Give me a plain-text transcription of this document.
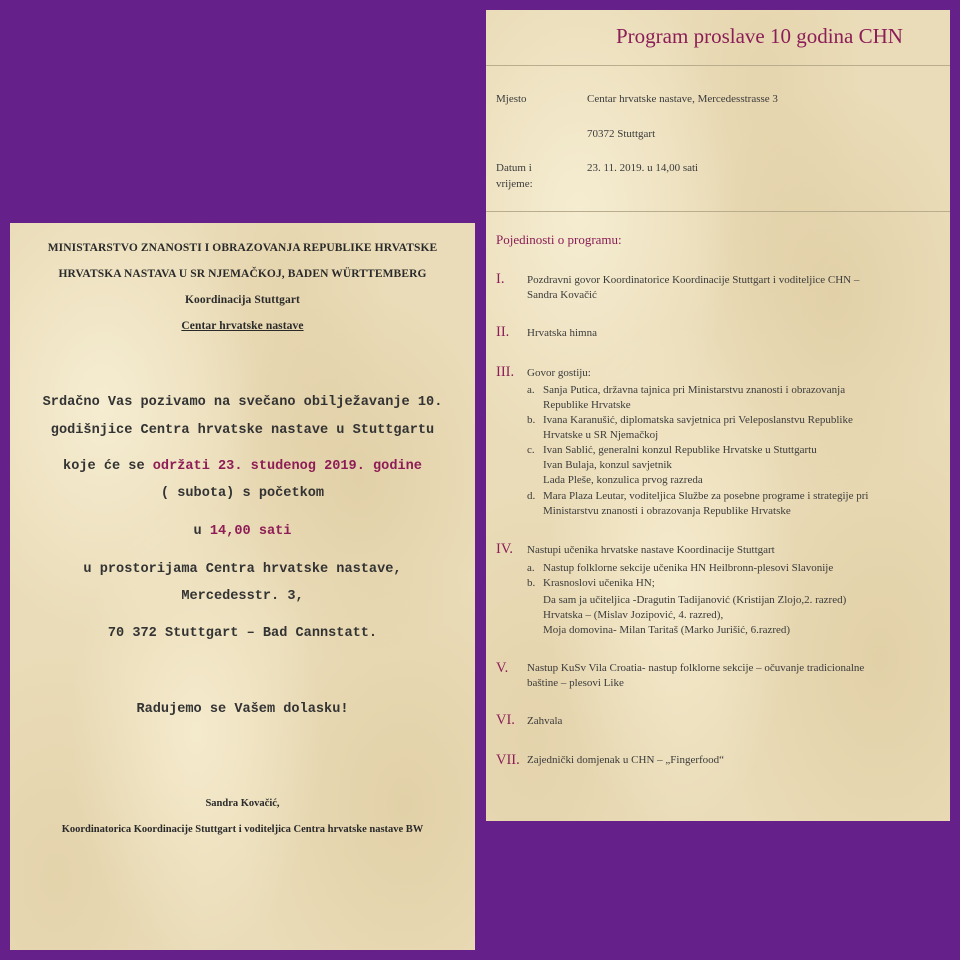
MINISTARSTVO ZNANOSTI I OBRAZOVANJA REPUBLIKE HRVATSKE
HRVATSKA NASTAVA U SR NJEMAČKOJ, BADEN WÜRTTEMBERG
Koordinacija Stuttgart
Centar hrvatske nastave
Srdačno Vas pozivamo na svečano obilježavanje 10.
godišnjice Centra hrvatske nastave u Stuttgartu
koje će se održati 23. studenog 2019. godine
( subota) s početkom
u 14,00 sati
u prostorijama Centra hrvatske nastave,
Mercedesstr. 3,
70 372 Stuttgart – Bad Cannstatt.
Radujemo se Vašem dolasku!
Sandra Kovačić,
Koordinatorica Koordinacije Stuttgart i voditeljica Centra hrvatske nastave BW
Program proslave 10 godina CHN
Mjesto	Centar hrvatske nastave, Mercedesstrasse 3
70372 Stuttgart
Datum i
vrijeme:
23. 11. 2019. u 14,00 sati
Pojedinosti o programu:
I. Pozdravni govor Koordinatorice Koordinacije Stuttgart i voditeljice CHN –
Sandra Kovačić
II. Hrvatska himna
III. Govor gostiju:
a. Sanja Putica, državna tajnica pri Ministarstvu znanosti i obrazovanja
Republike Hrvatske
b. Ivana Karanušić, diplomatska savjetnica pri Veleposlanstvu Republike
Hrvatske u SR Njemačkoj
c. Ivan Sablić, generalni konzul Republike Hrvatske u Stuttgartu
Ivan Bulaja, konzul savjetnik
Lada Pleše, konzulica prvog razreda
d. Mara Plaza Leutar, voditeljica Službe za posebne programe i strategije pri
Ministarstvu znanosti i obrazovanja Republike Hrvatske
IV. Nastupi učenika hrvatske nastave Koordinacije Stuttgart
a. Nastup folklorne sekcije učenika HN Heilbronn-plesovi Slavonije
b. Krasnoslovi učenika HN;
Da sam ja učiteljica -Dragutin Tadijanović (Kristijan Zlojo,2. razred)
Hrvatska – (Mislav Jozipović, 4. razred),
Moja domovina- Milan Taritaš (Marko Jurišić, 6.razred)
V. Nastup KuSv Vila Croatia- nastup folklorne sekcije – očuvanje tradicionalne
baštine – plesovi Like
VI. Zahvala
VII. Zajednički domjenak u CHN – „Fingerfood“
